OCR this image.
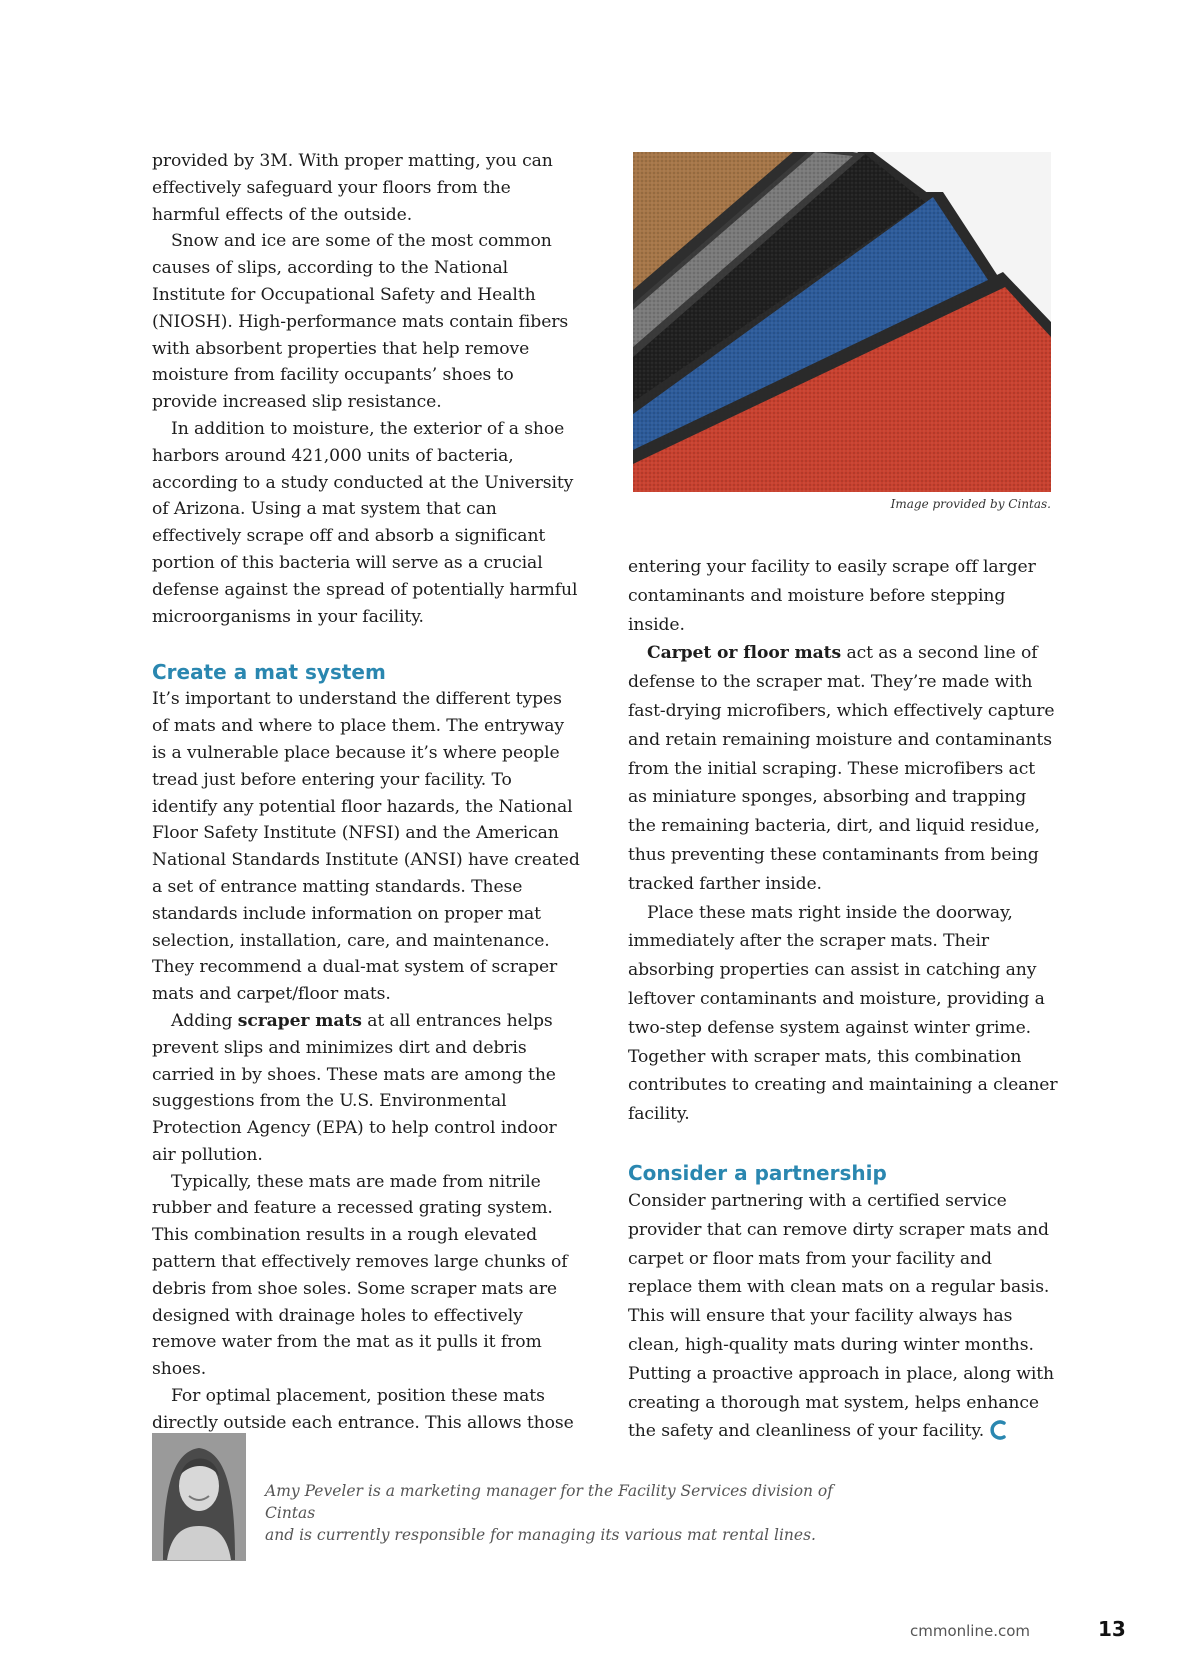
provided by 3M. With proper matting, you can effectively safeguard your floors from the harmful effects of the outside.

Snow and ice are some of the most common causes of slips, according to the National Institute for Occupational Safety and Health (NIOSH). High-performance mats contain fibers with absorbent properties that help remove moisture from facility occupants’ shoes to provide increased slip resistance.

In addition to moisture, the exterior of a shoe harbors around 421,000 units of bacteria, according to a study conducted at the University of Arizona. Using a mat system that can effectively scrape off and absorb a significant portion of this bacteria will serve as a crucial defense against the spread of potentially harmful microorganisms in your facility.

Create a mat system

It’s important to understand the different types of mats and where to place them. The entryway is a vulnerable place because it’s where people tread just before entering your facility. To identify any potential floor hazards, the National Floor Safety Institute (NFSI) and the American National Standards Institute (ANSI) have created a set of entrance matting standards. These standards include information on proper mat selection, installation, care, and maintenance. They recommend a dual-mat system of scraper mats and carpet/floor mats.

Adding scraper mats at all entrances helps prevent slips and minimizes dirt and debris carried in by shoes. These mats are among the suggestions from the U.S. Environmental Protection Agency (EPA) to help control indoor air pollution.

Typically, these mats are made from nitrile rubber and feature a recessed grating system. This combination results in a rough elevated pattern that effectively removes large chunks of debris from shoe soles. Some scraper mats are designed with drainage holes to effectively remove water from the mat as it pulls it from shoes.

For optimal placement, position these mats directly outside each entrance. This allows those

Image provided by Cintas.

entering your facility to easily scrape off larger contaminants and moisture before stepping inside.

Carpet or floor mats act as a second line of defense to the scraper mat. They’re made with fast-drying microfibers, which effectively capture and retain remaining moisture and contaminants from the initial scraping. These microfibers act as miniature sponges, absorbing and trapping the remaining bacteria, dirt, and liquid residue, thus preventing these contaminants from being tracked farther inside.

Place these mats right inside the doorway, immediately after the scraper mats. Their absorbing properties can assist in catching any leftover contaminants and moisture, providing a two-step defense system against winter grime. Together with scraper mats, this combination contributes to creating and maintaining a cleaner facility.

Consider a partnership

Consider partnering with a certified service provider that can remove dirty scraper mats and carpet or floor mats from your facility and replace them with clean mats on a regular basis. This will ensure that your facility always has clean, high-quality mats during winter months. Putting a proactive approach in place, along with creating a thorough mat system, helps enhance the safety and cleanliness of your facility.

Amy Peveler is a marketing manager for the Facility Services division of Cintas
and is currently responsible for managing its various mat rental lines.
cmmonline.com	13
